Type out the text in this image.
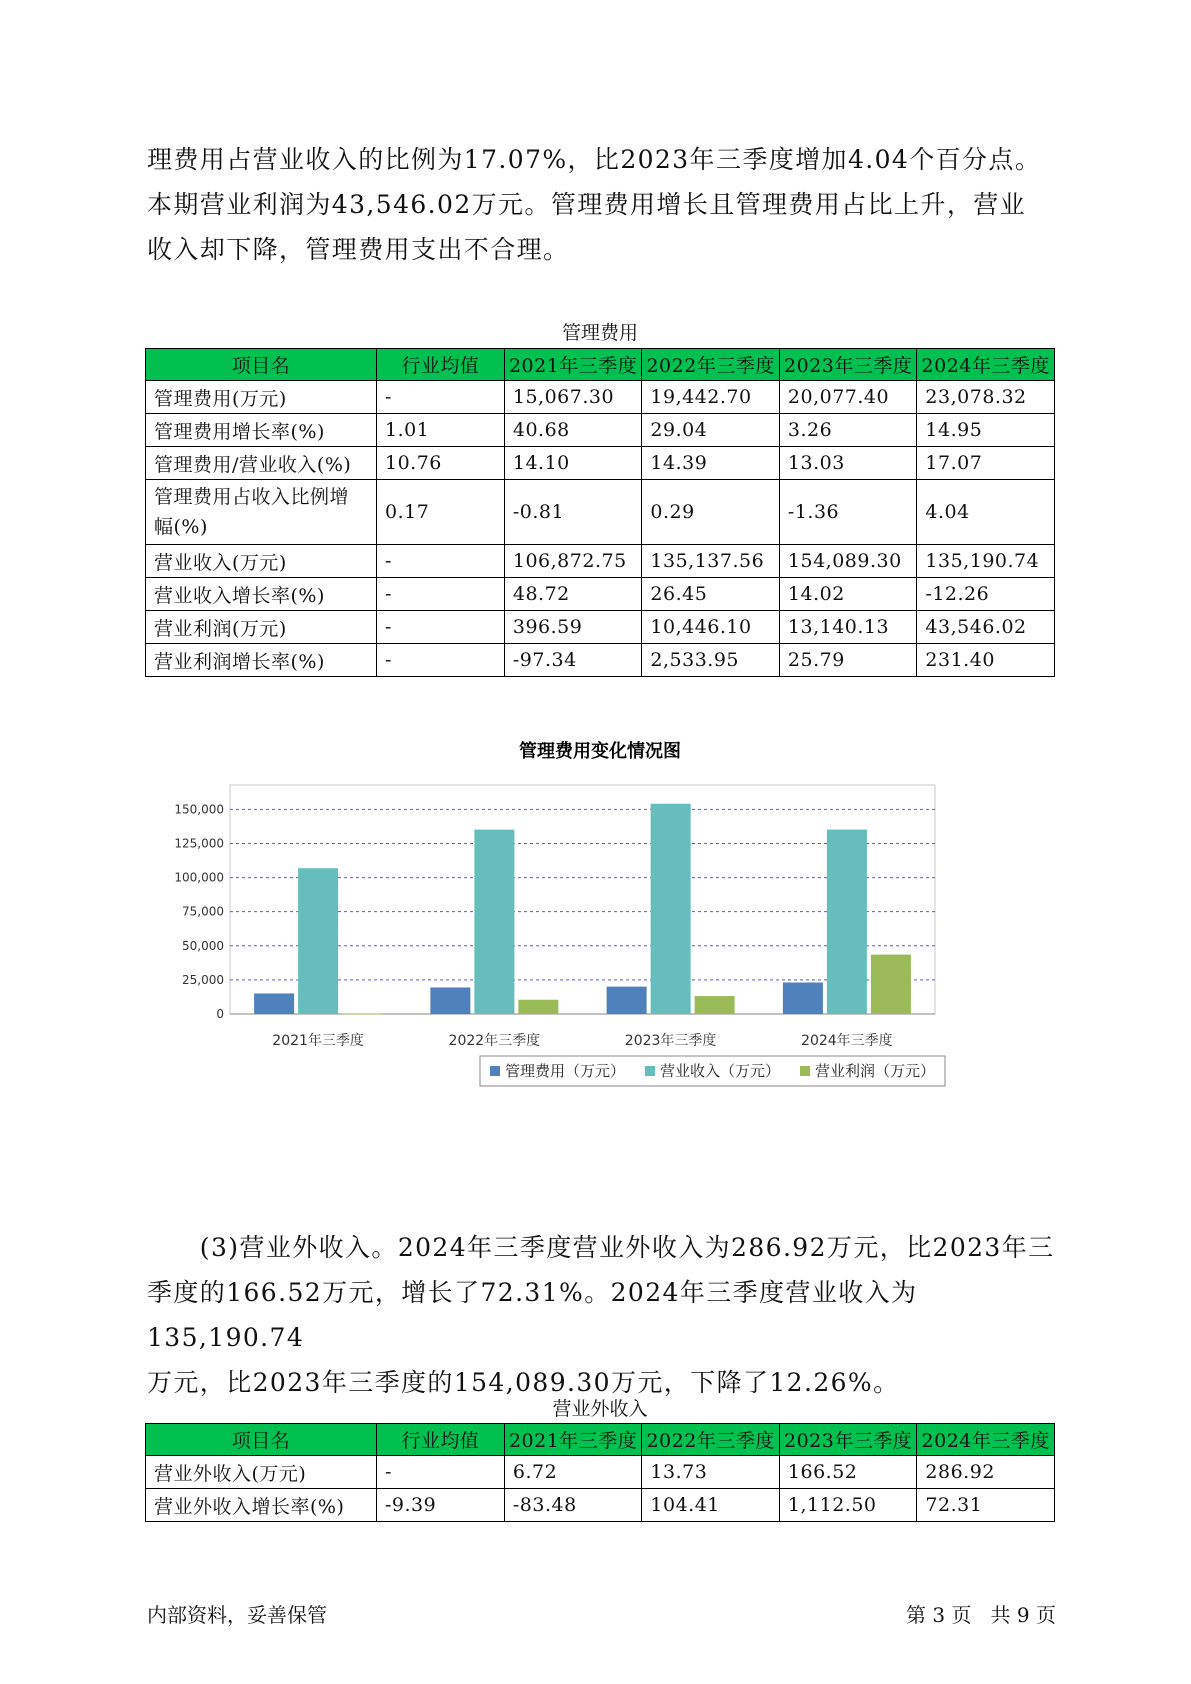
理费用占营业收入的比例为17.07%，比2023年三季度增加4.04个百分点。
本期营业利润为43,546.02万元。管理费用增长且管理费用占比上升，营业
收入却下降，管理费用支出不合理。
管理费用
项目名	行业均值	2021年三季度	2022年三季度	2023年三季度	2024年三季度
管理费用(万元)	-	15,067.30	19,442.70	20,077.40	23,078.32
管理费用增长率(%)	1.01	40.68	29.04	3.26	14.95
管理费用/营业收入(%)	10.76	14.10	14.39	13.03	17.07
管理费用占收入比例增幅(%)	0.17	-0.81	0.29	-1.36	4.04
营业收入(万元)	-	106,872.75	135,137.56	154,089.30	135,190.74
营业收入增长率(%)	-	48.72	26.45	14.02	-12.26
营业利润(万元)	-	396.59	10,446.10	13,140.13	43,546.02
营业利润增长率(%)	-	-97.34	2,533.95	25.79	231.40
管理费用变化情况图
0
25,000
50,000
75,000
100,000
125,000
150,000
2021年三季度	2022年三季度	2023年三季度	2024年三季度
管理费用（万元） 营业收入（万元） 营业利润（万元）
　　(3)营业外收入。2024年三季度营业外收入为286.92万元，比2023年三
季度的166.52万元，增长了72.31%。2024年三季度营业收入为135,190.74
万元，比2023年三季度的154,089.30万元，下降了12.26%。
营业外收入
项目名	行业均值	2021年三季度	2022年三季度	2023年三季度	2024年三季度
营业外收入(万元)	-	6.72	13.73	166.52	286.92
营业外收入增长率(%)	-9.39	-83.48	104.41	1,112.50	72.31
内部资料，妥善保管	第 3 页   共 9 页
